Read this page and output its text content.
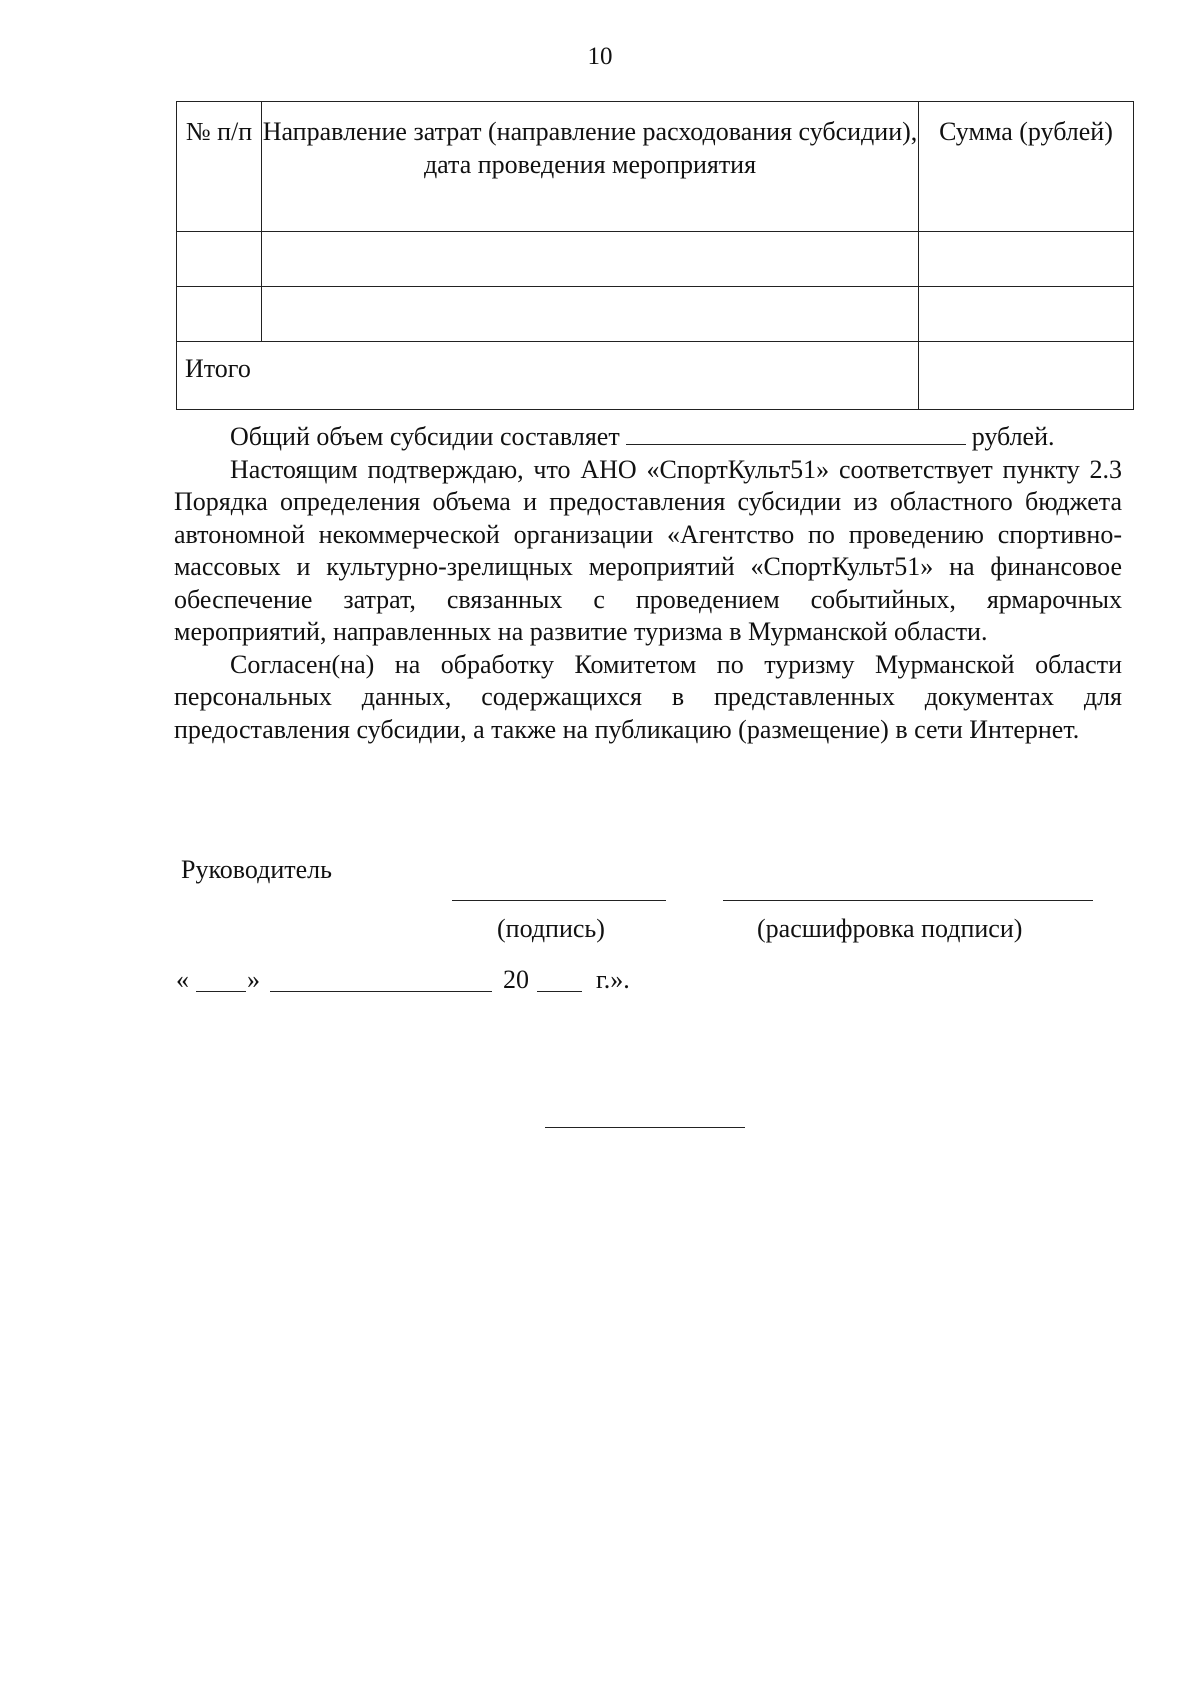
10
№ п/п	Направление затрат (направление расходования субсидии), дата проведения мероприятия	Сумма (рублей)

Итого		

Общий объем субсидии составляет	рублей.

Настоящим подтверждаю, что АНО «СпортКульт51» соответствует пункту 2.3 Порядка определения объема и предоставления субсидии из областного бюджета автономной некоммерческой организации «Агентство по проведению спортивно-массовых и культурно-зрелищных мероприятий «СпортКульт51» на финансовое обеспечение затрат, связанных с проведением событийных, ярмарочных мероприятий, направленных на развитие туризма в Мурманской области.

Согласен(на) на обработку Комитетом по туризму Мурманской области персональных данных, содержащихся в представленных документах для предоставления субсидии, а также на публикацию (размещение) в сети Интернет.

Руководитель
(подпись)	(расшифровка подписи)
« »	20	г.».
